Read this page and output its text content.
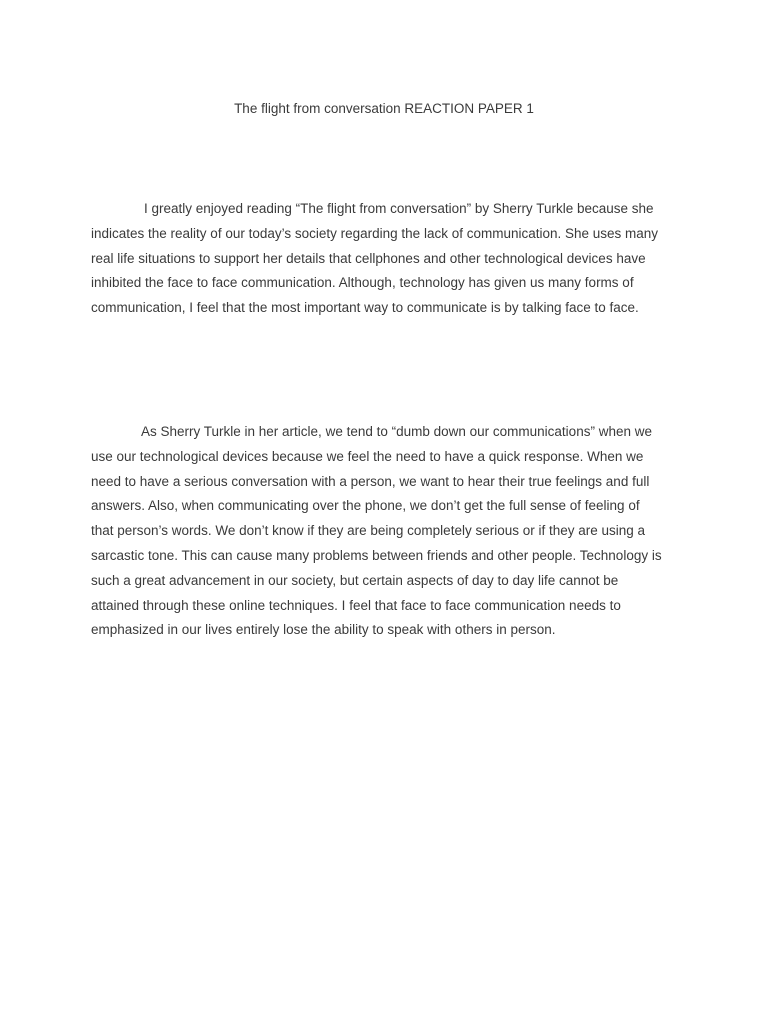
The flight from conversation REACTION PAPER 1
I greatly enjoyed reading “The flight from conversation” by Sherry Turkle because she
indicates the reality of our today’s society regarding the lack of communication. She uses many
real life situations to support her details that cellphones and other technological devices have
inhibited the face to face communication. Although, technology has given us many forms of
communication, I feel that the most important way to communicate is by talking face to face.
As Sherry Turkle in her article, we tend to “dumb down our communications” when we
use our technological devices because we feel the need to have a quick response. When we
need to have a serious conversation with a person, we want to hear their true feelings and full
answers. Also, when communicating over the phone, we don’t get the full sense of feeling of
that person’s words. We don’t know if they are being completely serious or if they are using a
sarcastic tone. This can cause many problems between friends and other people. Technology is
such a great advancement in our society, but certain aspects of day to day life cannot be
attained through these online techniques. I feel that face to face communication needs to
emphasized in our lives entirely lose the ability to speak with others in person.
